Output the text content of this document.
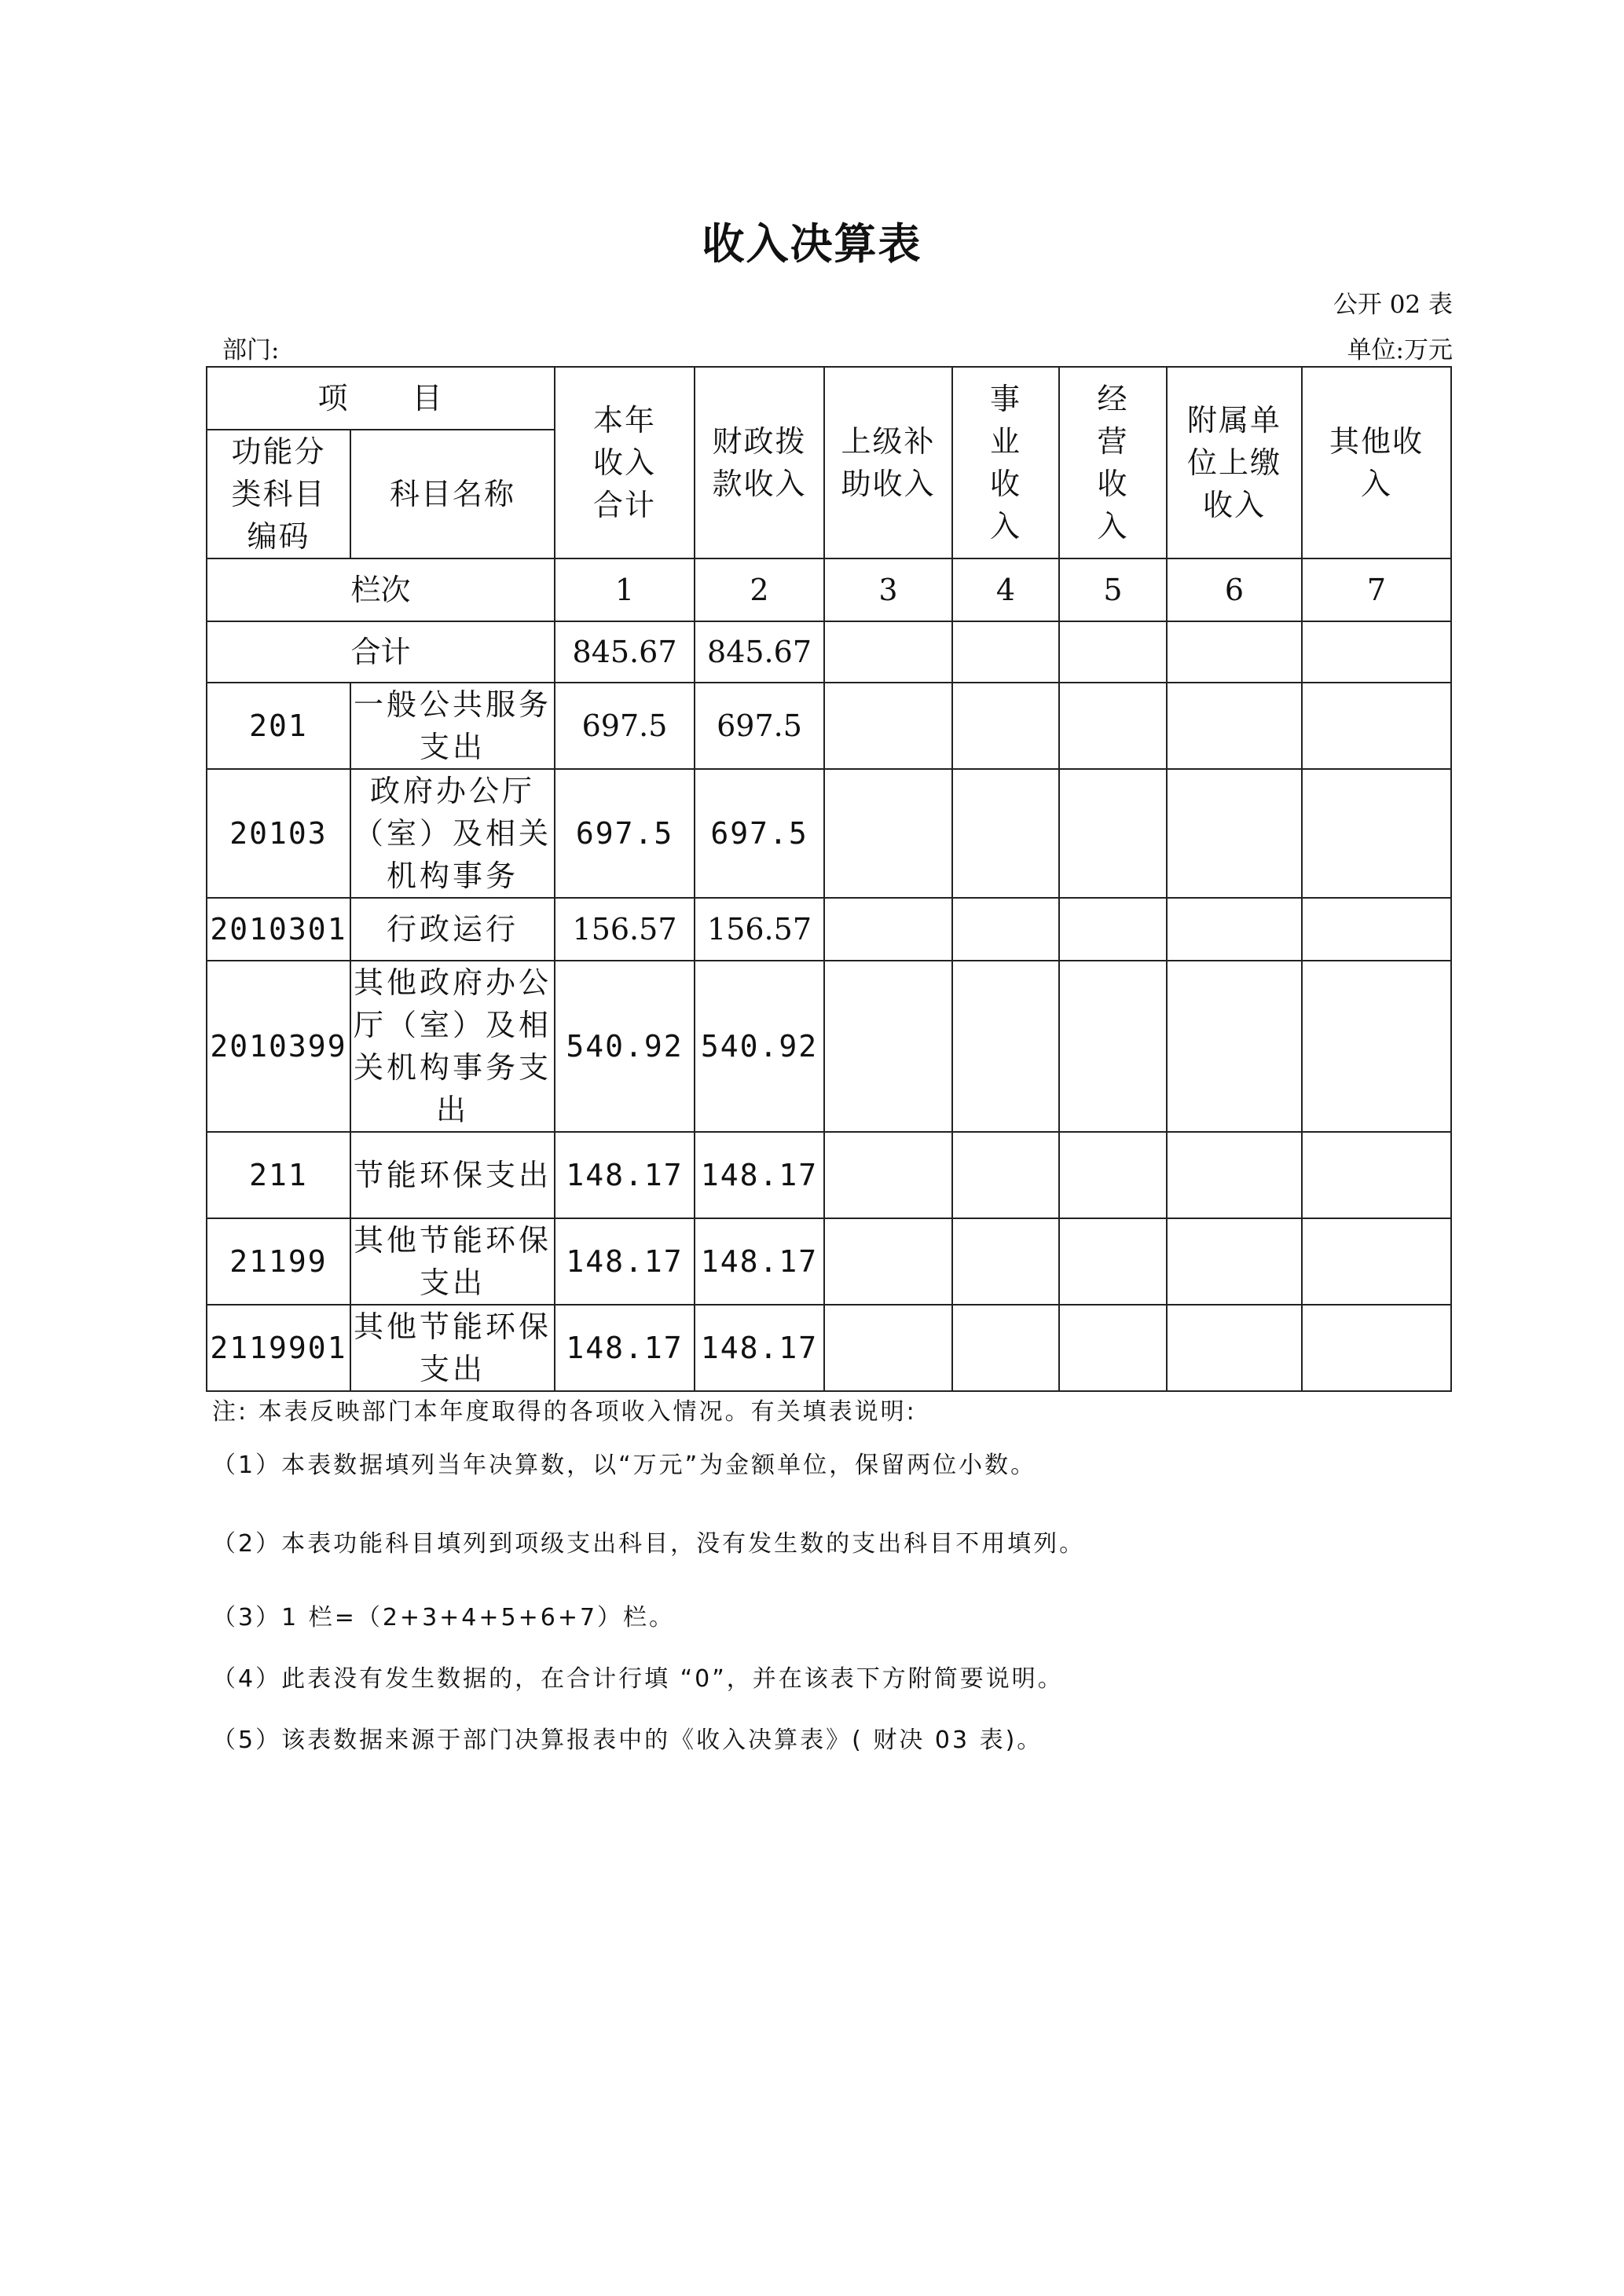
收入决算表
公开 02 表
部门:	单位:万元
项　　目		本年收入合计	财政拨款收入	上级补助收入	事业收入	经营收入	附属单位上缴收入	其他收入
功能分类科目编码	科目名称							
栏次		1	2	3	4	5	6	7
合计		845.67	845.67					
201	一般公共服务支出	697.5	697.5					
20103	政府办公厅（室）及相关机构事务	697.5	697.5					
2010301	行政运行	156.57	156.57					
2010399	其他政府办公厅（室）及相关机构事务支出	540.92	540.92					
211	节能环保支出	148.17	148.17					
21199	其他节能环保支出	148.17	148.17					
2119901	其他节能环保支出	148.17	148.17					

注: 本表反映部门本年度取得的各项收入情况。有关填表说明:

（1）本表数据填列当年决算数，以“万元”为金额单位，保留两位小数。

（2）本表功能科目填列到项级支出科目，没有发生数的支出科目不用填列。

（3）1 栏=（2+3+4+5+6+7）栏。

（4）此表没有发生数据的，在合计行填 “0”，并在该表下方附简要说明。

（5）该表数据来源于部门决算报表中的《收入决算表》( 财决 03 表)。
